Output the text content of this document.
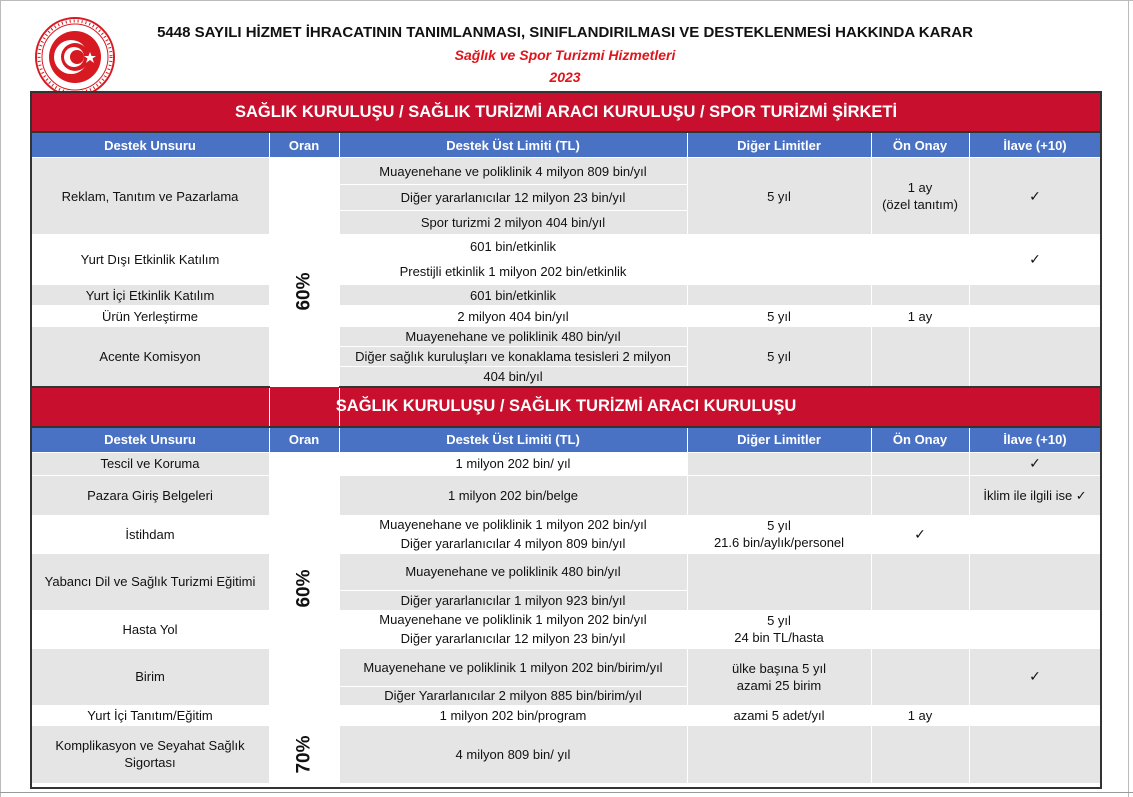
5448 SAYILI HİZMET İHRACATININ TANIMLANMASI, SINIFLANDIRILMASI VE DESTEKLENMESİ HAKKINDA KARAR
Sağlık ve Spor Turizmi Hizmetleri
2023
SAĞLIK KURULUŞU / SAĞLIK TURİZMİ ARACI KURULUŞU / SPOR TURİZMİ ŞİRKETİ					
Destek Unsuru	Oran	Destek Üst Limiti (TL)	Diğer Limitler	Ön Onay	İlave (+10)
Reklam, Tanıtım ve Pazarlama	60%	Muayenehane ve poliklinik 4 milyon 809 bin/yıl	5 yıl	1 ay
(özel tanıtım)	✓
		Diğer yararlanıcılar 12 milyon 23 bin/yıl			
		Spor turizmi 2 milyon 404 bin/yıl			
Yurt Dışı Etkinlik Katılım		601 bin/etkinlik			✓
		Prestijli etkinlik 1 milyon 202 bin/etkinlik			
Yurt İçi Etkinlik Katılım		601 bin/etkinlik			
Ürün Yerleştirme		2 milyon 404 bin/yıl	5 yıl	1 ay	
Acente Komisyon		Muayenehane ve poliklinik 480 bin/yıl	5 yıl		
		Diğer sağlık kuruluşları ve konaklama tesisleri 2 milyon			
		404 bin/yıl			
SAĞLIK KURULUŞU / SAĞLIK TURİZMİ ARACI KURULUŞU					
Destek Unsuru	Oran	Destek Üst Limiti (TL)	Diğer Limitler	Ön Onay	İlave (+10)
Tescil ve Koruma	60%	1 milyon 202 bin/ yıl			✓
Pazara Giriş Belgeleri		1 milyon 202 bin/belge			İklim ile ilgili ise ✓
İstihdam		Muayenehane ve poliklinik 1 milyon 202 bin/yıl	5 yıl
21.6 bin/aylık/personel	✓	
		Diğer yararlanıcılar 4 milyon 809 bin/yıl			
Yabancı Dil ve Sağlık Turizmi Eğitimi		Muayenehane ve poliklinik 480 bin/yıl			
		Diğer yararlanıcılar 1 milyon 923 bin/yıl			
Hasta Yol		Muayenehane ve poliklinik 1 milyon 202 bin/yıl	5 yıl
24 bin TL/hasta		

		Diğer yararlanıcılar 12 milyon 23 bin/yıl			
Birim		Muayenehane ve poliklinik 1 milyon 202 bin/birim/yıl	ülke başına 5 yıl
azami 25 birim		✓
		Diğer Yararlanıcılar 2 milyon 885 bin/birim/yıl			
Yurt İçi Tanıtım/Eğitim		1 milyon 202 bin/program	azami 5 adet/yıl	1 ay	

Komplikasyon ve Seyahat Sağlık
Sigortası	70%	4 milyon 809 bin/ yıl			
